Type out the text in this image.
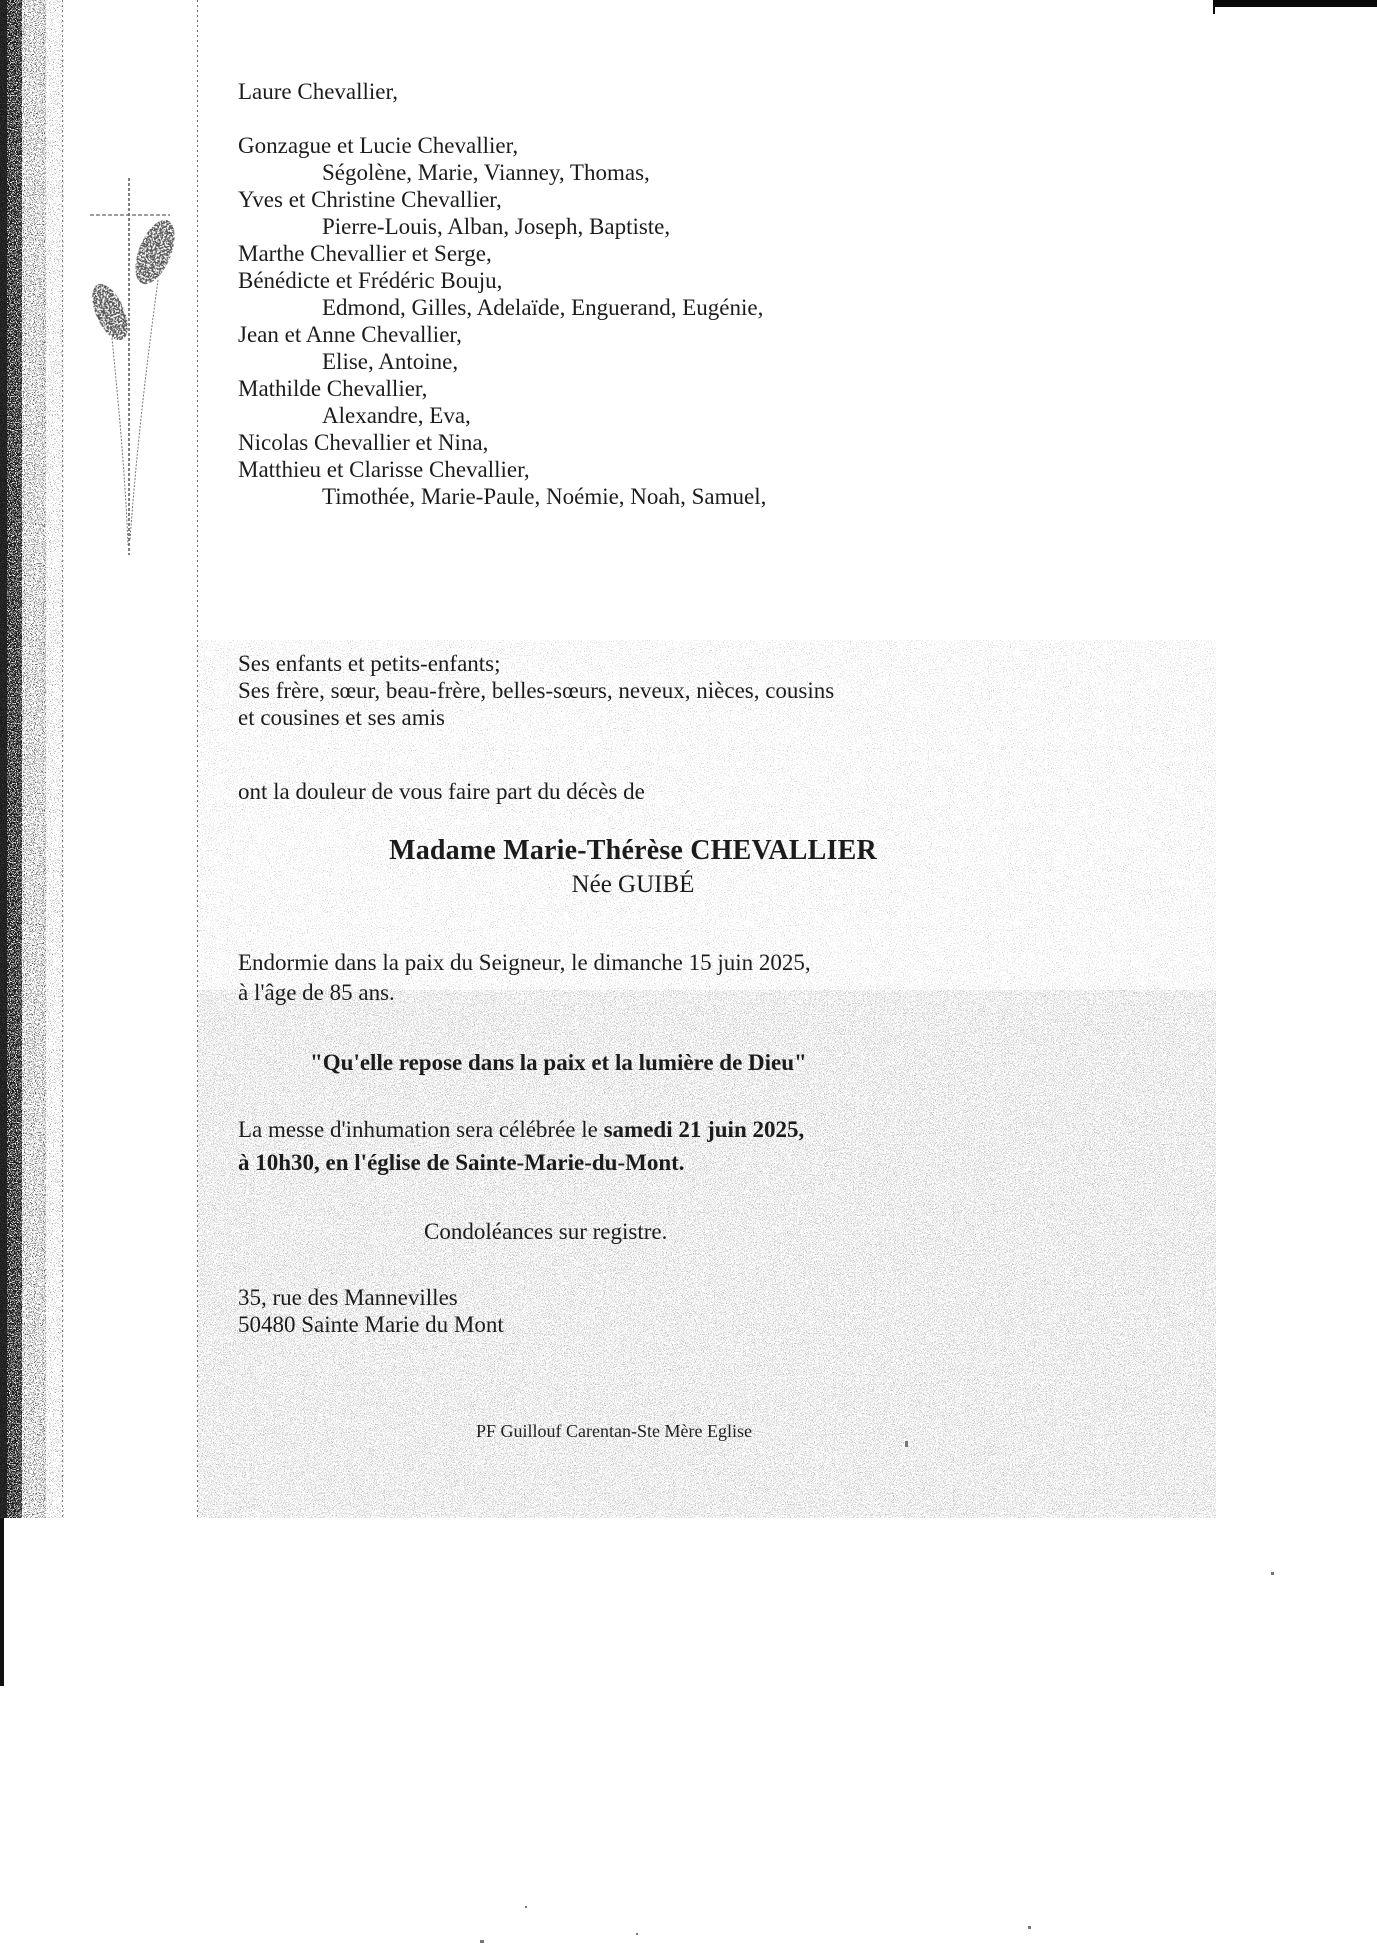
Laure Chevallier,

Gonzague et Lucie Chevallier,

Ségolène, Marie, Vianney, Thomas,

Yves et Christine Chevallier,

Pierre-Louis, Alban, Joseph, Baptiste,

Marthe Chevallier et Serge,

Bénédicte et Frédéric Bouju,

Edmond, Gilles, Adelaïde, Enguerand, Eugénie,

Jean et Anne Chevallier,

Elise, Antoine,

Mathilde Chevallier,

Alexandre, Eva,

Nicolas Chevallier et Nina,

Matthieu et Clarisse Chevallier,

Timothée, Marie-Paule, Noémie, Noah, Samuel,

Ses enfants et petits-enfants;

Ses frère, sœur, beau-frère, belles-sœurs, neveux, nièces, cousins

et cousines et ses amis

ont la douleur de vous faire part du décès de

Madame Marie-Thérèse CHEVALLIER

Née GUIBÉ

Endormie dans la paix du Seigneur, le dimanche 15 juin 2025,

à l'âge de 85 ans.

"Qu'elle repose dans la paix et la lumière de Dieu"

La messe d'inhumation sera célébrée le samedi 21 juin 2025,

à 10h30, en l'église de Sainte-Marie-du-Mont.

Condoléances sur registre.

35, rue des Mannevilles

50480 Sainte Marie du Mont

PF Guillouf Carentan-Ste Mère Eglise
